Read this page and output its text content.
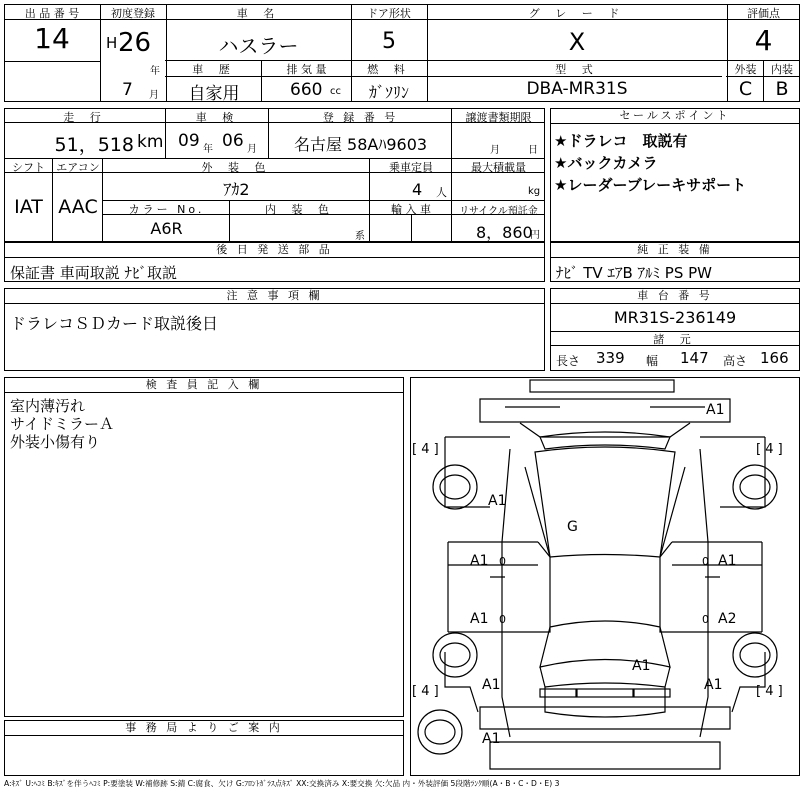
出 品 番 号
14
初度登録
H 26
年
車 名
ハスラー
ドア形状
5
グ レ ー ド
X
評価点
4
7 月
車 歴
自家用
排 気 量
660 cc
燃 料
ｶﾞｿﾘﾝ
型 式
DBA-MR31S
外装
C
内装
B
走 行
51，518 km
車 検
09 年 06 月
登 録 番 号
名古屋 58Aﾊ9603
譲渡書類期限
月	日
シフト
IAT
エアコン
AAC
外 装 色
ｱｶ2
乗車定員
4 人
最大積載量
kg
カラー No.
A6R
内 装 色
系
輸 入 車	リサイクル預託金
8，860
円
セールスポイント
★ドラレコ　取説有
★バックカメラ
★レーダーブレーキサポート
後 日 発 送 部 品
保証書 車両取説 ﾅﾋﾞ取説
純 正 装 備
ﾅﾋﾞ TV ｴｱB ｱﾙﾐ PS PW
注 意 事 項 欄
ドラレコＳＤカード取説後日
車 台 番 号
MR31S-236149
諸 元
長さ 339 幅 147 高さ 166
検 査 員 記 入 欄
室内薄汚れ
サイドミラーＡ
外装小傷有り
事 務 局 よ り ご 案 内
A1
A1
G
A1 0	0 A1
A1 0	0 A2
A1
A1	A1
A1
[ 4 ]	[ 4 ]
[ 4 ]	[ 4 ]
A:ｷｽﾞ U:ﾍｺﾐ B:ｷｽﾞを伴うﾍｺﾐ P:要塗装 W:補修跡 S:錆 C:腐食、欠け G:ﾌﾛﾝﾄｶﾞﾗｽ点ｷｽﾞ XX:交換済み X:要交換 欠:欠品 内・外装評価 5段階ﾗﾝｸ順(A・B・C・D・E) 3
